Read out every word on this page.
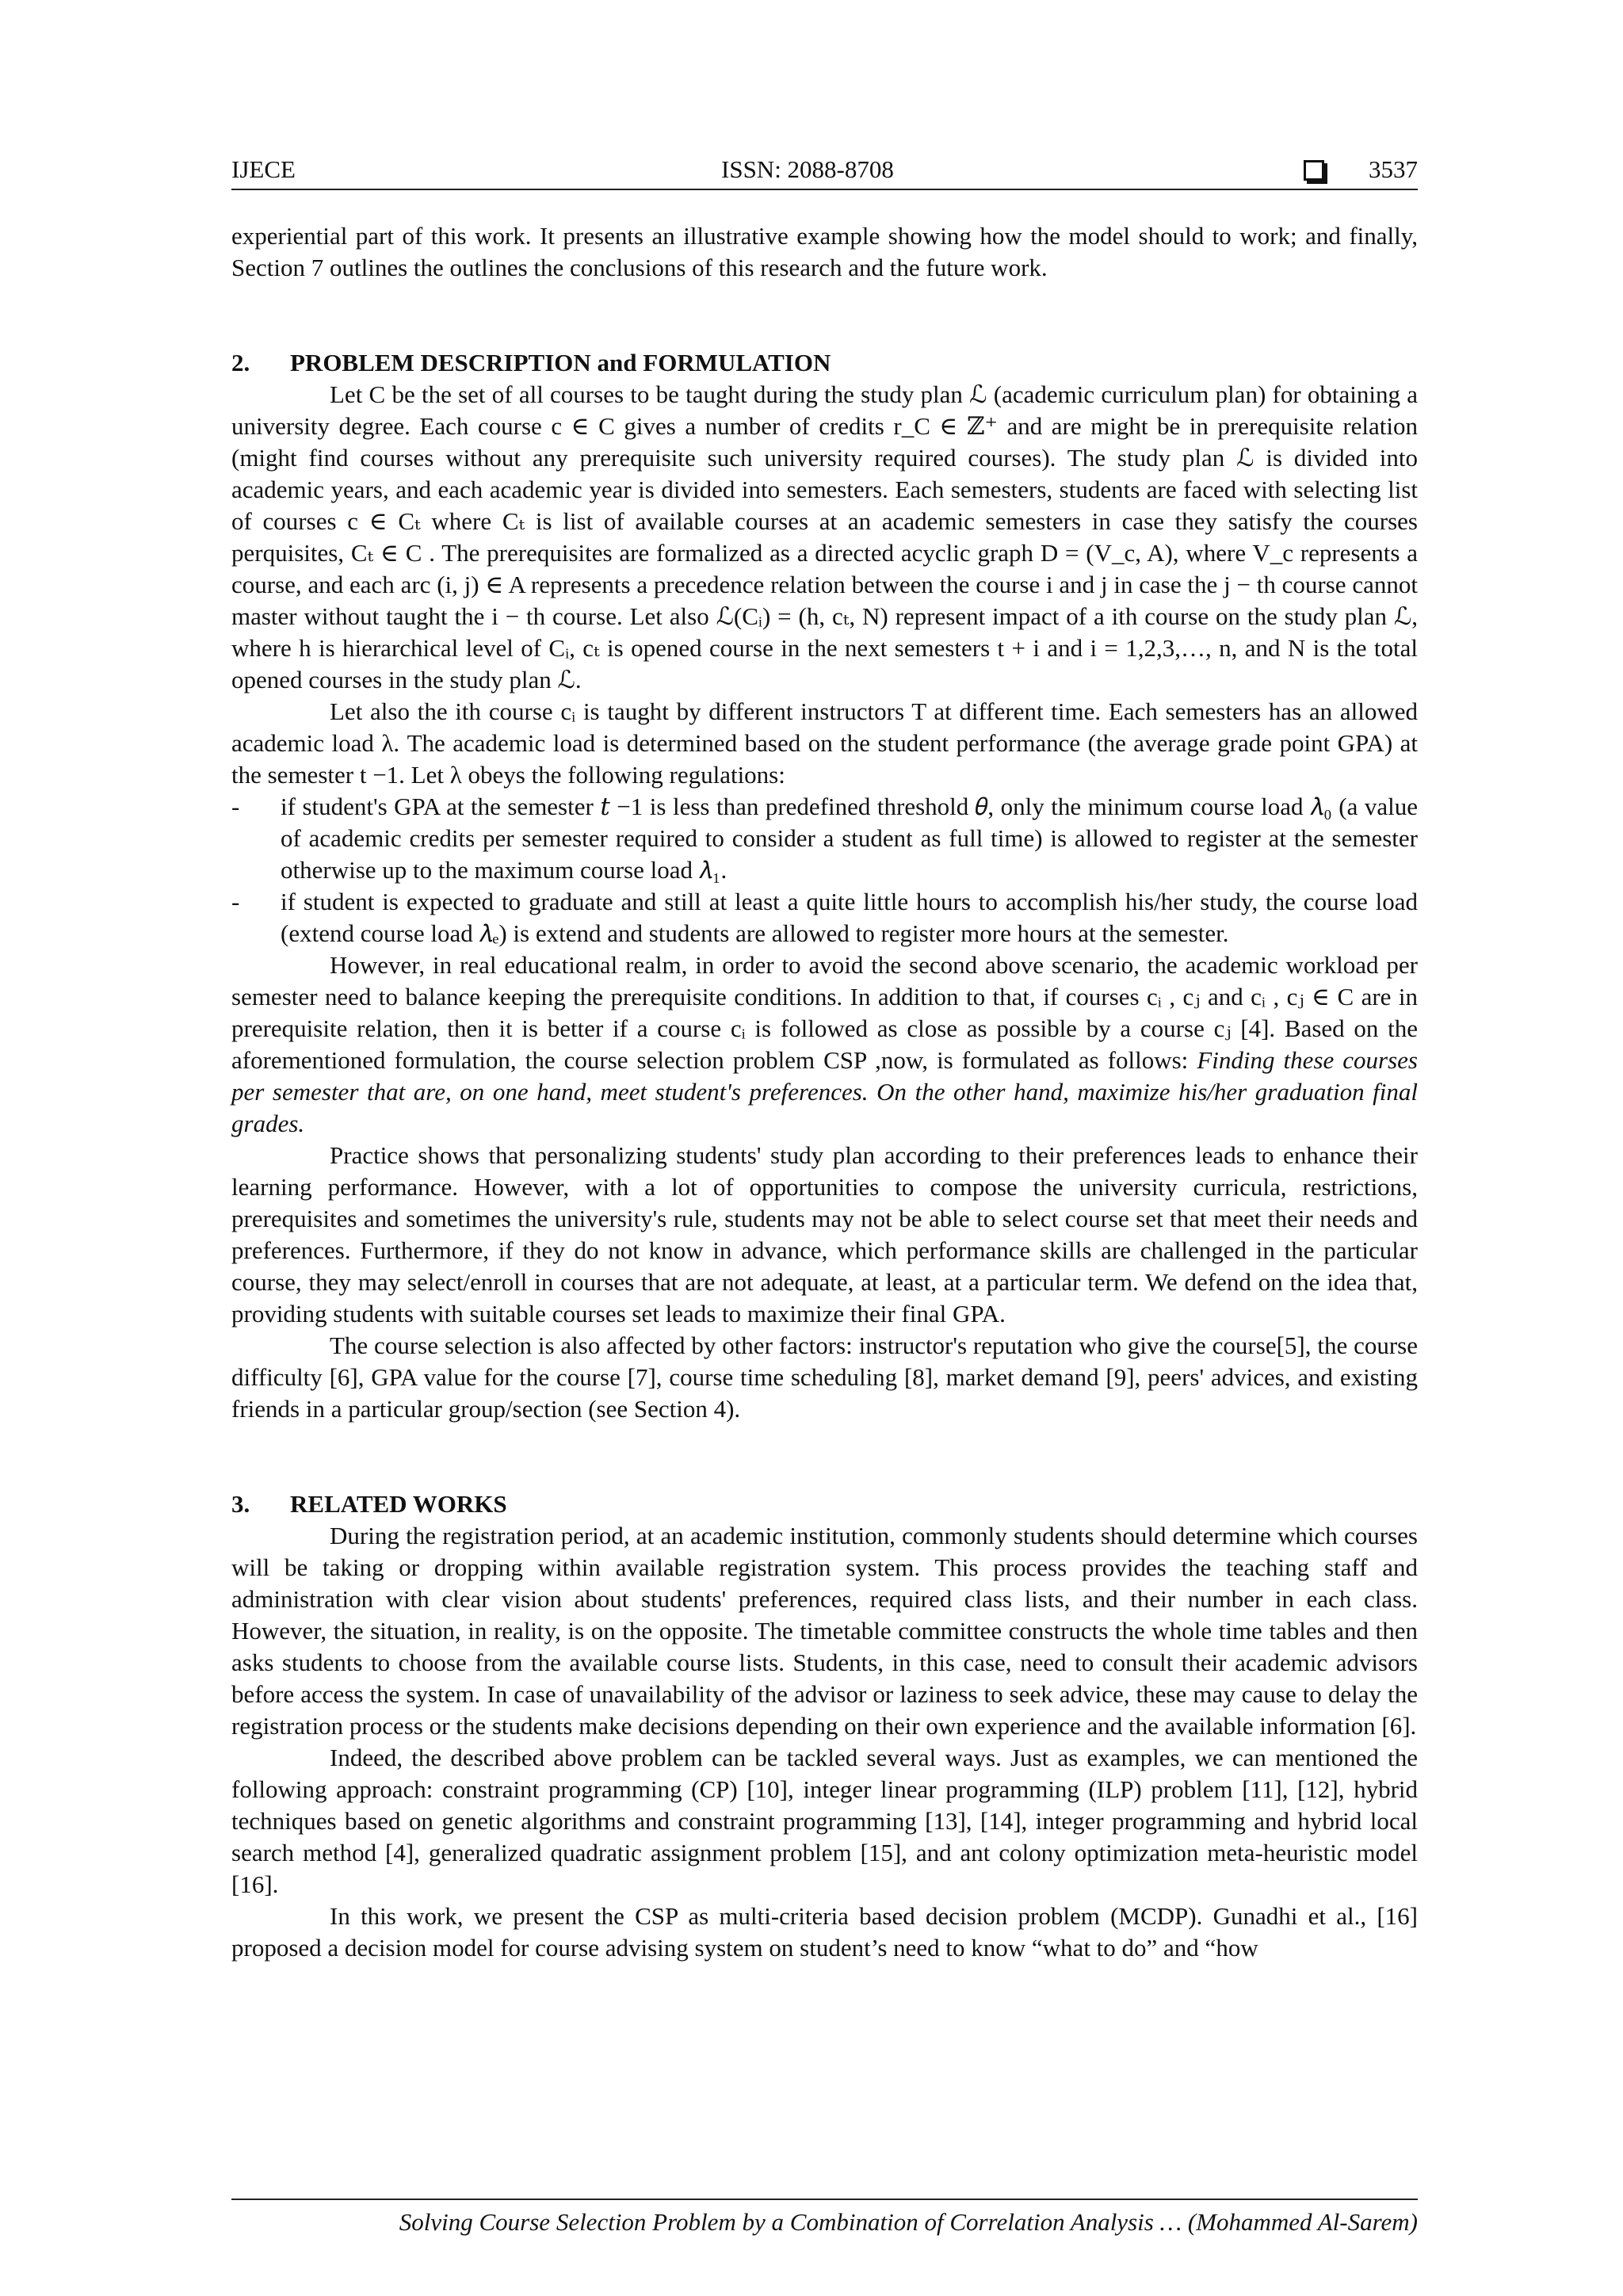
IJECE	ISSN: 2088-8708	3537

experiential part of this work. It presents an illustrative example showing how the model should to work; and finally, Section 7 outlines the outlines the conclusions of this research and the future work.

2.	PROBLEM DESCRIPTION and FORMULATION

Let C be the set of all courses to be taught during the study plan ℒ (academic curriculum plan) for obtaining a university degree. Each course c ∈ C gives a number of credits r_C ∈ ℤ⁺ and are might be in prerequisite relation (might find courses without any prerequisite such university required courses). The study plan ℒ is divided into academic years, and each academic year is divided into semesters. Each semesters, students are faced with selecting list of courses c ∈ Cₜ where Cₜ is list of available courses at an academic semesters in case they satisfy the courses perquisites, Cₜ ∈ C . The prerequisites are formalized as a directed acyclic graph D = (V_c, A), where V_c represents a course, and each arc (i, j) ∈ A represents a precedence relation between the course i and j in case the j − th course cannot master without taught the i − th course. Let also ℒ(Cᵢ) = (h, cₜ, N) represent impact of a ith course on the study plan ℒ, where h is hierarchical level of Cᵢ, cₜ is opened course in the next semesters t + i and i = 1,2,3,…, n, and N is the total opened courses in the study plan ℒ.

Let also the ith course cᵢ is taught by different instructors T at different time. Each semesters has an allowed academic load λ. The academic load is determined based on the student performance (the average grade point GPA) at the semester t −1. Let λ obeys the following regulations:

-	if student's GPA at the semester 𝑡 −1 is less than predefined threshold 𝜃, only the minimum course load 𝜆₀ (a value of academic credits per semester required to consider a student as full time) is allowed to register at the semester otherwise up to the maximum course load 𝜆₁.
-	if student is expected to graduate and still at least a quite little hours to accomplish his/her study, the course load (extend course load 𝜆ₑ) is extend and students are allowed to register more hours at the semester.

However, in real educational realm, in order to avoid the second above scenario, the academic workload per semester need to balance keeping the prerequisite conditions. In addition to that, if courses cᵢ , cⱼ and cᵢ , cⱼ ∈ C are in prerequisite relation, then it is better if a course cᵢ is followed as close as possible by a course cⱼ [4]. Based on the aforementioned formulation, the course selection problem CSP ,now, is formulated as follows: Finding these courses per semester that are, on one hand, meet student's preferences. On the other hand, maximize his/her graduation final grades.

Practice shows that personalizing students' study plan according to their preferences leads to enhance their learning performance. However, with a lot of opportunities to compose the university curricula, restrictions, prerequisites and sometimes the university's rule, students may not be able to select course set that meet their needs and preferences. Furthermore, if they do not know in advance, which performance skills are challenged in the particular course, they may select/enroll in courses that are not adequate, at least, at a particular term. We defend on the idea that, providing students with suitable courses set leads to maximize their final GPA.

The course selection is also affected by other factors: instructor's reputation who give the course[5], the course difficulty [6], GPA value for the course [7], course time scheduling [8], market demand [9], peers' advices, and existing friends in a particular group/section (see Section 4).

3.	RELATED WORKS

During the registration period, at an academic institution, commonly students should determine which courses will be taking or dropping within available registration system. This process provides the teaching staff and administration with clear vision about students' preferences, required class lists, and their number in each class. However, the situation, in reality, is on the opposite. The timetable committee constructs the whole time tables and then asks students to choose from the available course lists. Students, in this case, need to consult their academic advisors before access the system. In case of unavailability of the advisor or laziness to seek advice, these may cause to delay the registration process or the students make decisions depending on their own experience and the available information [6].

Indeed, the described above problem can be tackled several ways. Just as examples, we can mentioned the following approach: constraint programming (CP) [10], integer linear programming (ILP) problem [11], [12], hybrid techniques based on genetic algorithms and constraint programming [13], [14], integer programming and hybrid local search method [4], generalized quadratic assignment problem [15], and ant colony optimization meta-heuristic model [16].

In this work, we present the CSP as multi-criteria based decision problem (MCDP). Gunadhi et al., [16] proposed a decision model for course advising system on student’s need to know “what to do” and “how

Solving Course Selection Problem by a Combination of Correlation Analysis … (Mohammed Al-Sarem)
